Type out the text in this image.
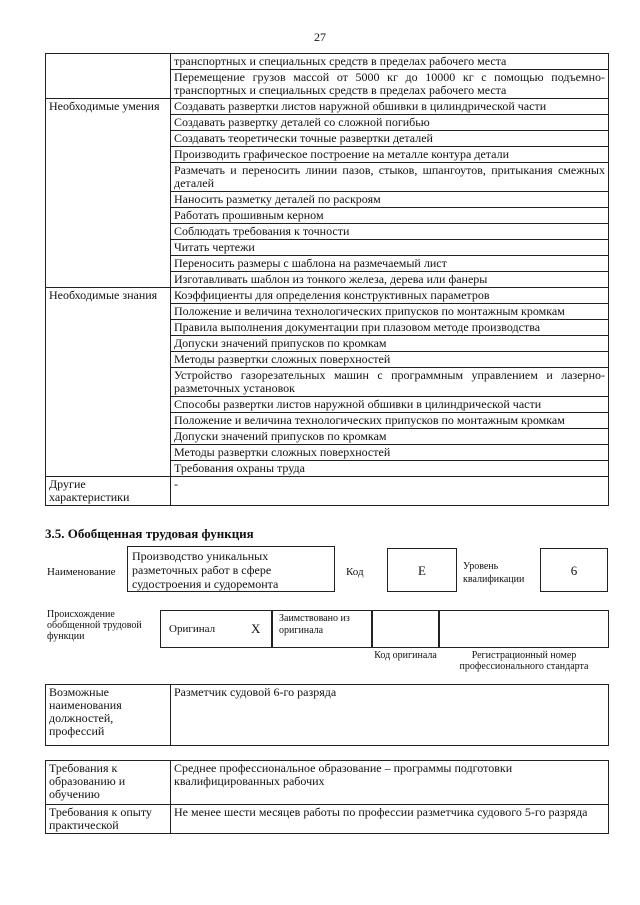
27
	транспортных и специальных средств в пределах рабочего места
	Перемещение грузов массой от 5000 кг до 10000 кг с помощью подъемно-транспортных и специальных средств в пределах рабочего места
Необходимые умения	Создавать развертки листов наружной обшивки в цилиндрической части
	Создавать развертку деталей со сложной погибью
	Создавать теоретически точные развертки деталей
	Производить графическое построение на металле контура детали
	Размечать и переносить линии пазов, стыков, шпангоутов, притыкания смежных деталей
	Наносить разметку деталей по раскроям
	Работать прошивным керном
	Соблюдать требования к точности
	Читать чертежи
	Переносить размеры с шаблона на размечаемый лист
	Изготавливать шаблон из тонкого железа, дерева или фанеры
Необходимые знания	Коэффициенты для определения конструктивных параметров
	Положение и величина технологических припусков по монтажным кромкам
	Правила выполнения документации при плазовом методе производства
	Допуски значений припусков по кромкам
	Методы развертки сложных поверхностей
	Устройство газорезательных машин с программным управлением и лазерно-разметочных установок
	Способы развертки листов наружной обшивки в цилиндрической части
	Положение и величина технологических припусков по монтажным кромкам
	Допуски значений припусков по кромкам
	Методы развертки сложных поверхностей
	Требования охраны труда
Другие характеристики	-
3.5. Обобщенная трудовая функция
Наименование
Производство уникальных разметочных работ в сфере судостроения и судоремонта
Код	E	Уровень квалификации
6
Происхождение обобщенной трудовой функции
Оригинал	X
Заимствовано из оригинала
Код оригинала	Регистрационный номер профессионального стандарта
Возможные наименования должностей, профессий	Разметчик судовой 6-го разряда
Требования к образованию и обучению	Среднее профессиональное образование – программы подготовки квалифицированных рабочих
Требования к опыту практической	Не менее шести месяцев работы по профессии разметчика судового 5-го разряда
